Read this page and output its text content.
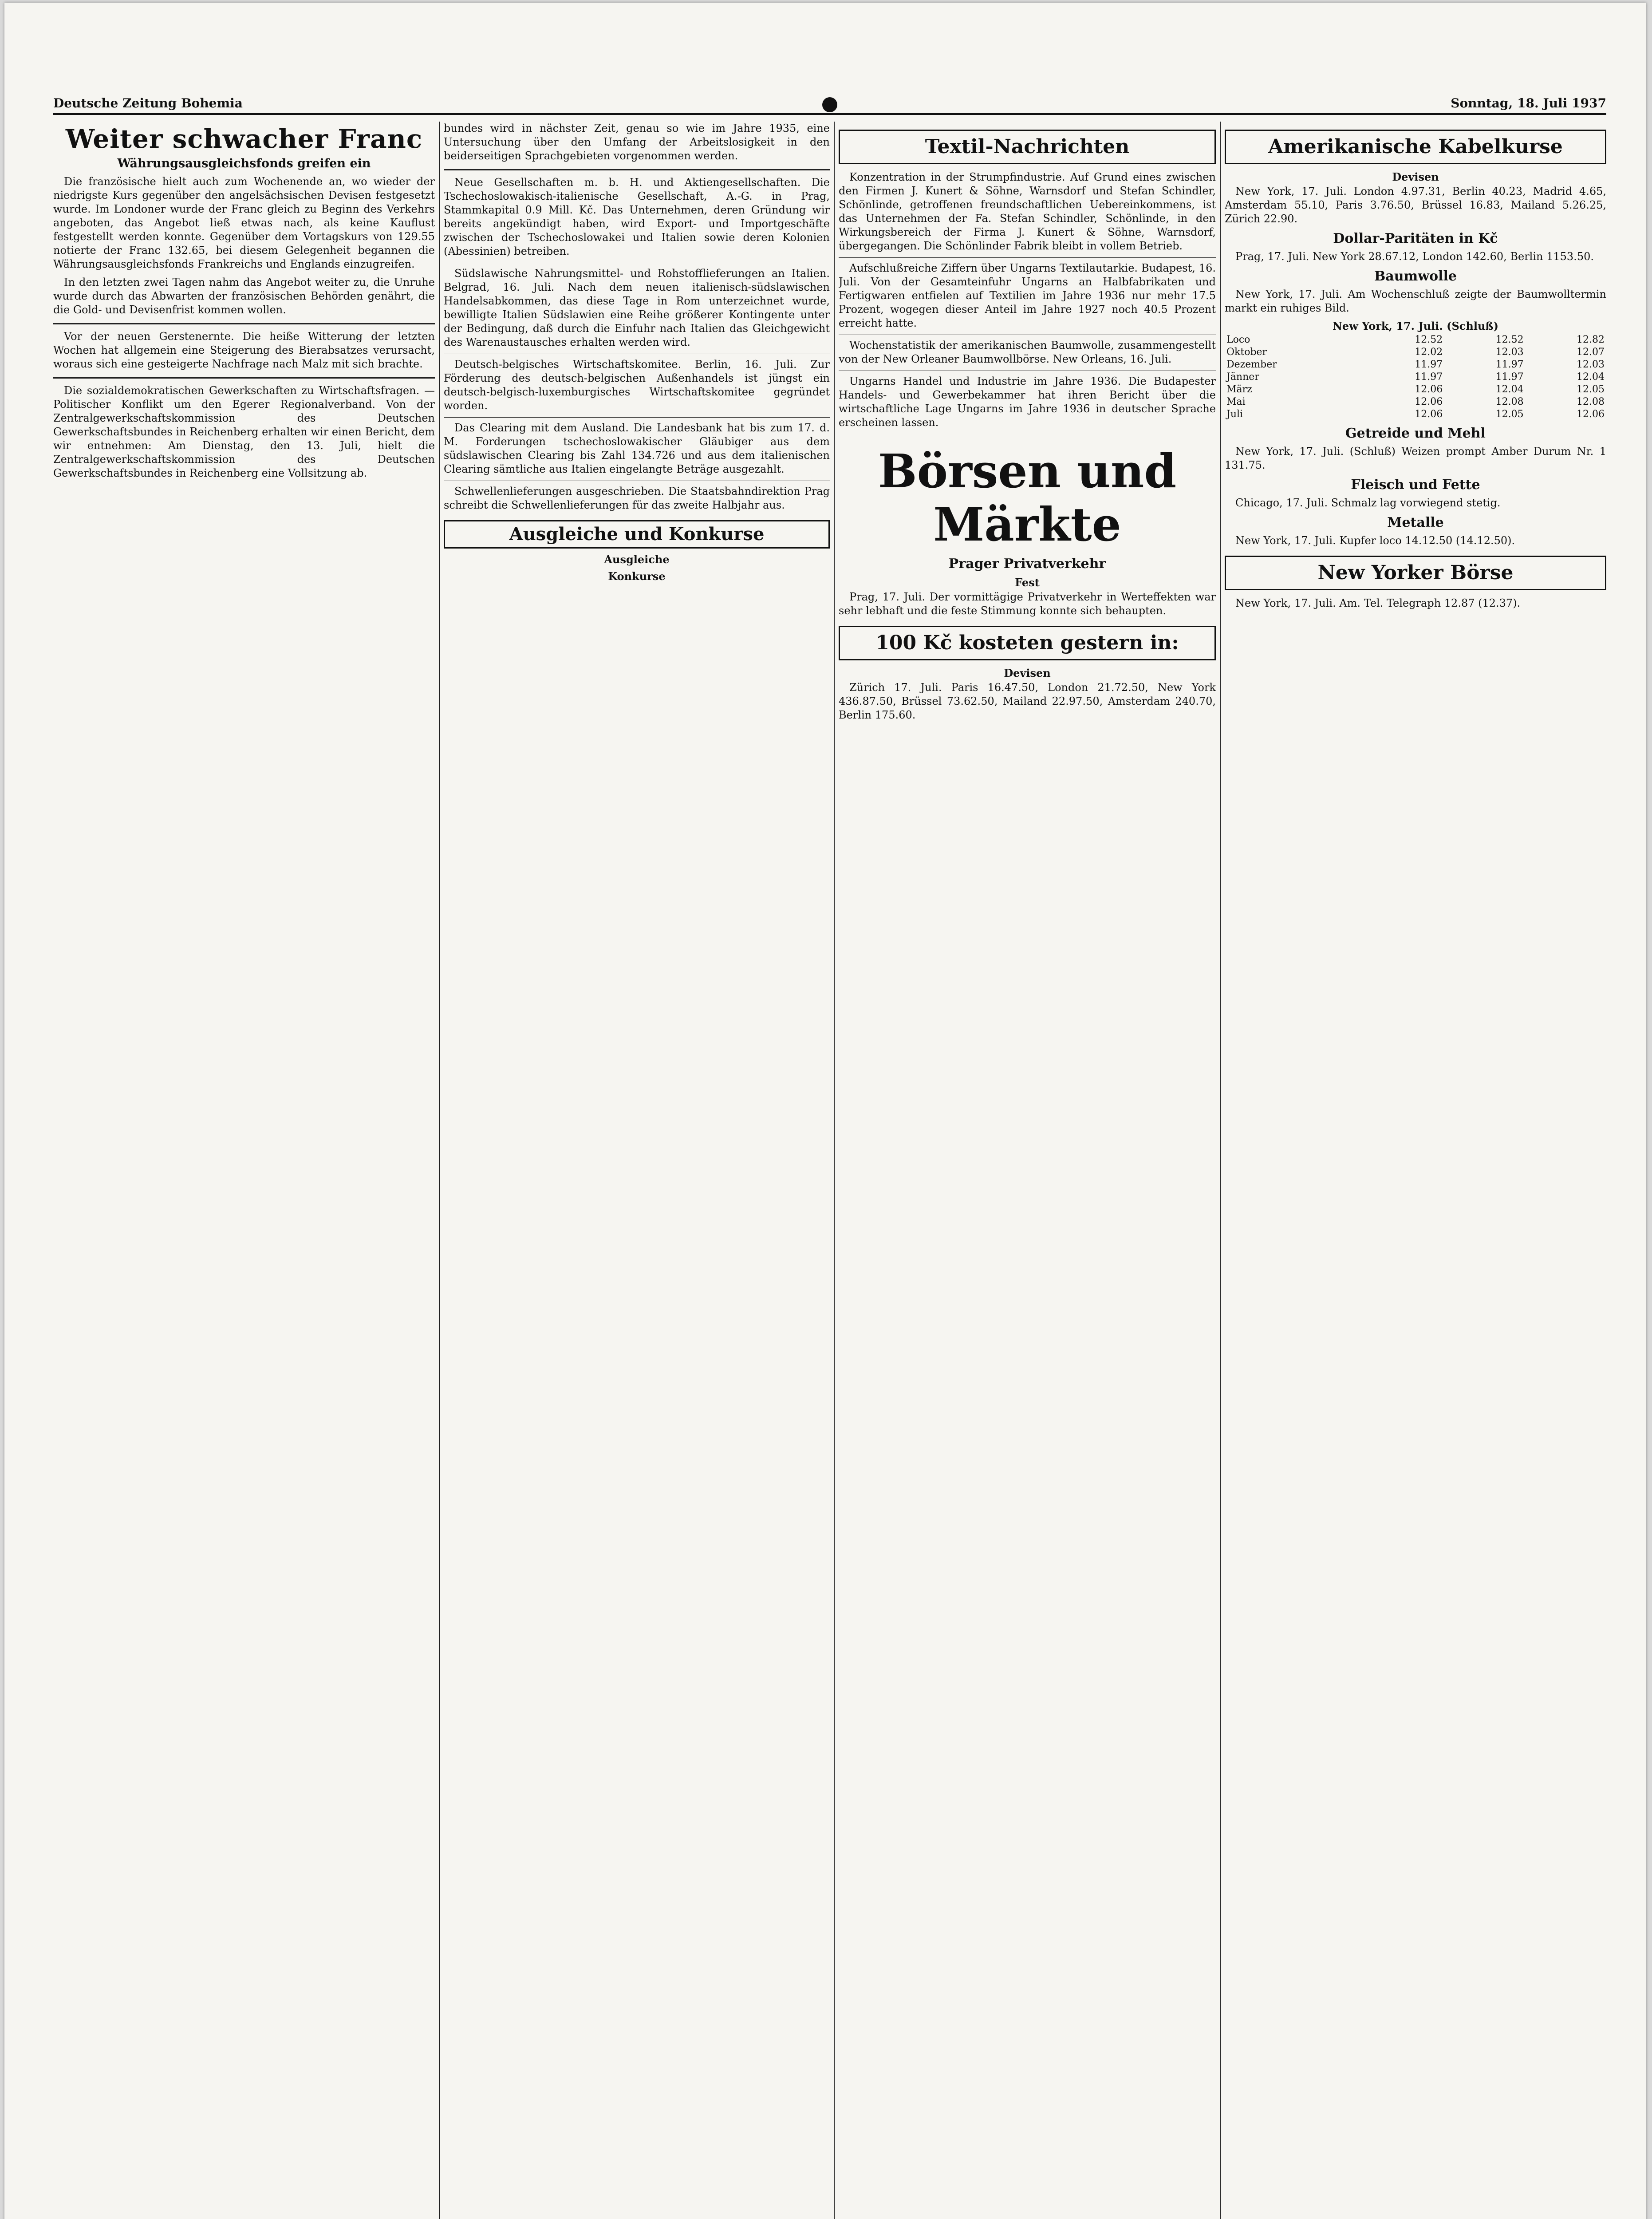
Deutsche Zeitung Bohemia	Sonntag, 18. Juli 1937
Weiter schwacher Franc
Währungsausgleichsfonds greifen ein

Die französische hielt auch zum Wochenende an, wo wieder der niedrigste Kurs gegenüber den angelsächsischen Devisen festgesetzt wurde. Im Londoner wurde der Franc gleich zu Beginn des Verkehrs angeboten, das Angebot ließ etwas nach, als keine Kauflust festgestellt werden konnte. Gegenüber dem Vortagskurs von 129.55 notierte der Franc 132.65, bei diesem Gelegenheit begannen die Währungsausgleichsfonds Frankreichs und Englands einzugreifen.

In den letzten zwei Tagen nahm das Angebot weiter zu, die Unruhe wurde durch das Abwarten der französischen Behörden genährt, die die Gold- und Devisenfrist kommen wollen.

Vor der neuen Gerstenernte. Die heiße Witterung der letzten Wochen hat allgemein eine Steigerung des Bierabsatzes verursacht, woraus sich eine gesteigerte Nachfrage nach Malz mit sich brachte.

Die sozialdemokratischen Gewerkschaften zu Wirtschaftsfragen. — Politischer Konflikt um den Egerer Regionalverband. Von der Zentralgewerkschaftskommission des Deutschen Gewerkschaftsbundes in Reichenberg erhalten wir einen Bericht, dem wir entnehmen: Am Dienstag, den 13. Juli, hielt die Zentralgewerkschaftskommission des Deutschen Gewerkschaftsbundes in Reichenberg eine Vollsitzung ab.

bundes wird in nächster Zeit, genau so wie im Jahre 1935, eine Untersuchung über den Umfang der Arbeitslosigkeit in den beiderseitigen Sprachgebieten vorgenommen werden.

Neue Gesellschaften m. b. H. und Aktiengesellschaften. Die Tschechoslowakisch-italienische Gesellschaft, A.-G. in Prag, Stammkapital 0.9 Mill. Kč. Das Unternehmen, deren Gründung wir bereits angekündigt haben, wird Export- und Importgeschäfte zwischen der Tschechoslowakei und Italien sowie deren Kolonien (Abessinien) betreiben.

Südslawische Nahrungsmittel- und Rohstofflieferungen an Italien. Belgrad, 16. Juli. Nach dem neuen italienisch-südslawischen Handelsabkommen, das diese Tage in Rom unterzeichnet wurde, bewilligte Italien Südslawien eine Reihe größerer Kontingente unter der Bedingung, daß durch die Einfuhr nach Italien das Gleichgewicht des Warenaustausches erhalten werden wird.

Deutsch-belgisches Wirtschaftskomitee. Berlin, 16. Juli. Zur Förderung des deutsch-belgischen Außenhandels ist jüngst ein deutsch-belgisch-luxemburgisches Wirtschaftskomitee gegründet worden.

Das Clearing mit dem Ausland. Die Landesbank hat bis zum 17. d. M. Forderungen tschechoslowakischer Gläubiger aus dem südslawischen Clearing bis Zahl 134.726 und aus dem italienischen Clearing sämtliche aus Italien eingelangte Beträge ausgezahlt.

Schwellenlieferungen ausgeschrieben. Die Staatsbahndirektion Prag schreibt die Schwellenlieferungen für das zweite Halbjahr aus.

Ausgleiche und Konkurse
Ausgleiche
Konkurse
Textil-Nachrichten

Konzentration in der Strumpfindustrie. Auf Grund eines zwischen den Firmen J. Kunert & Söhne, Warnsdorf und Stefan Schindler, Schönlinde, getroffenen freundschaftlichen Uebereinkommens, ist das Unternehmen der Fa. Stefan Schindler, Schönlinde, in den Wirkungsbereich der Firma J. Kunert & Söhne, Warnsdorf, übergegangen. Die Schönlinder Fabrik bleibt in vollem Betrieb.

Aufschlußreiche Ziffern über Ungarns Textilautarkie. Budapest, 16. Juli. Von der Gesamteinfuhr Ungarns an Halbfabrikaten und Fertigwaren entfielen auf Textilien im Jahre 1936 nur mehr 17.5 Prozent, wogegen dieser Anteil im Jahre 1927 noch 40.5 Prozent erreicht hatte.

Wochenstatistik der amerikanischen Baumwolle, zusammengestellt von der New Orleaner Baumwollbörse. New Orleans, 16. Juli.

Ungarns Handel und Industrie im Jahre 1936. Die Budapester Handels- und Gewerbekammer hat ihren Bericht über die wirtschaftliche Lage Ungarns im Jahre 1936 in deutscher Sprache erscheinen lassen.

Börsen und Märkte
Prager Privatverkehr
Fest

Prag, 17. Juli. Der vormittägige Privatverkehr in Werteffekten war sehr lebhaft und die feste Stimmung konnte sich behaupten.

100 Kč kosteten gestern in:
Devisen

Zürich 17. Juli. Paris 16.47.50, London 21.72.50, New York 436.87.50, Brüssel 73.62.50, Mailand 22.97.50, Amsterdam 240.70, Berlin 175.60.

Amerikanische Kabelkurse
Devisen

New York, 17. Juli. London 4.97.31, Berlin 40.23, Madrid 4.65, Amsterdam 55.10, Paris 3.76.50, Brüssel 16.83, Mailand 5.26.25, Zürich 22.90.

Dollar-Paritäten in Kč

Prag, 17. Juli. New York 28.67.12, London 142.60, Berlin 1153.50.

Baumwolle

New York, 17. Juli. Am Wochenschluß zeigte der Baumwolltermin markt ein ruhiges Bild.

New York, 17. Juli. (Schluß)
Loco	12.52	12.52	12.82
Oktober	12.02	12.03	12.07
Dezember	11.97	11.97	12.03
Jänner	11.97	11.97	12.04
März	12.06	12.04	12.05
Mai	12.06	12.08	12.08
Juli	12.06	12.05	12.06
Getreide und Mehl

New York, 17. Juli. (Schluß) Weizen prompt Amber Durum Nr. 1 131.75.

Fleisch und Fette

Chicago, 17. Juli. Schmalz lag vorwiegend stetig.

Metalle

New York, 17. Juli. Kupfer loco 14.12.50 (14.12.50).

New Yorker Börse

New York, 17. Juli. Am. Tel. Telegraph 12.87 (12.37).
